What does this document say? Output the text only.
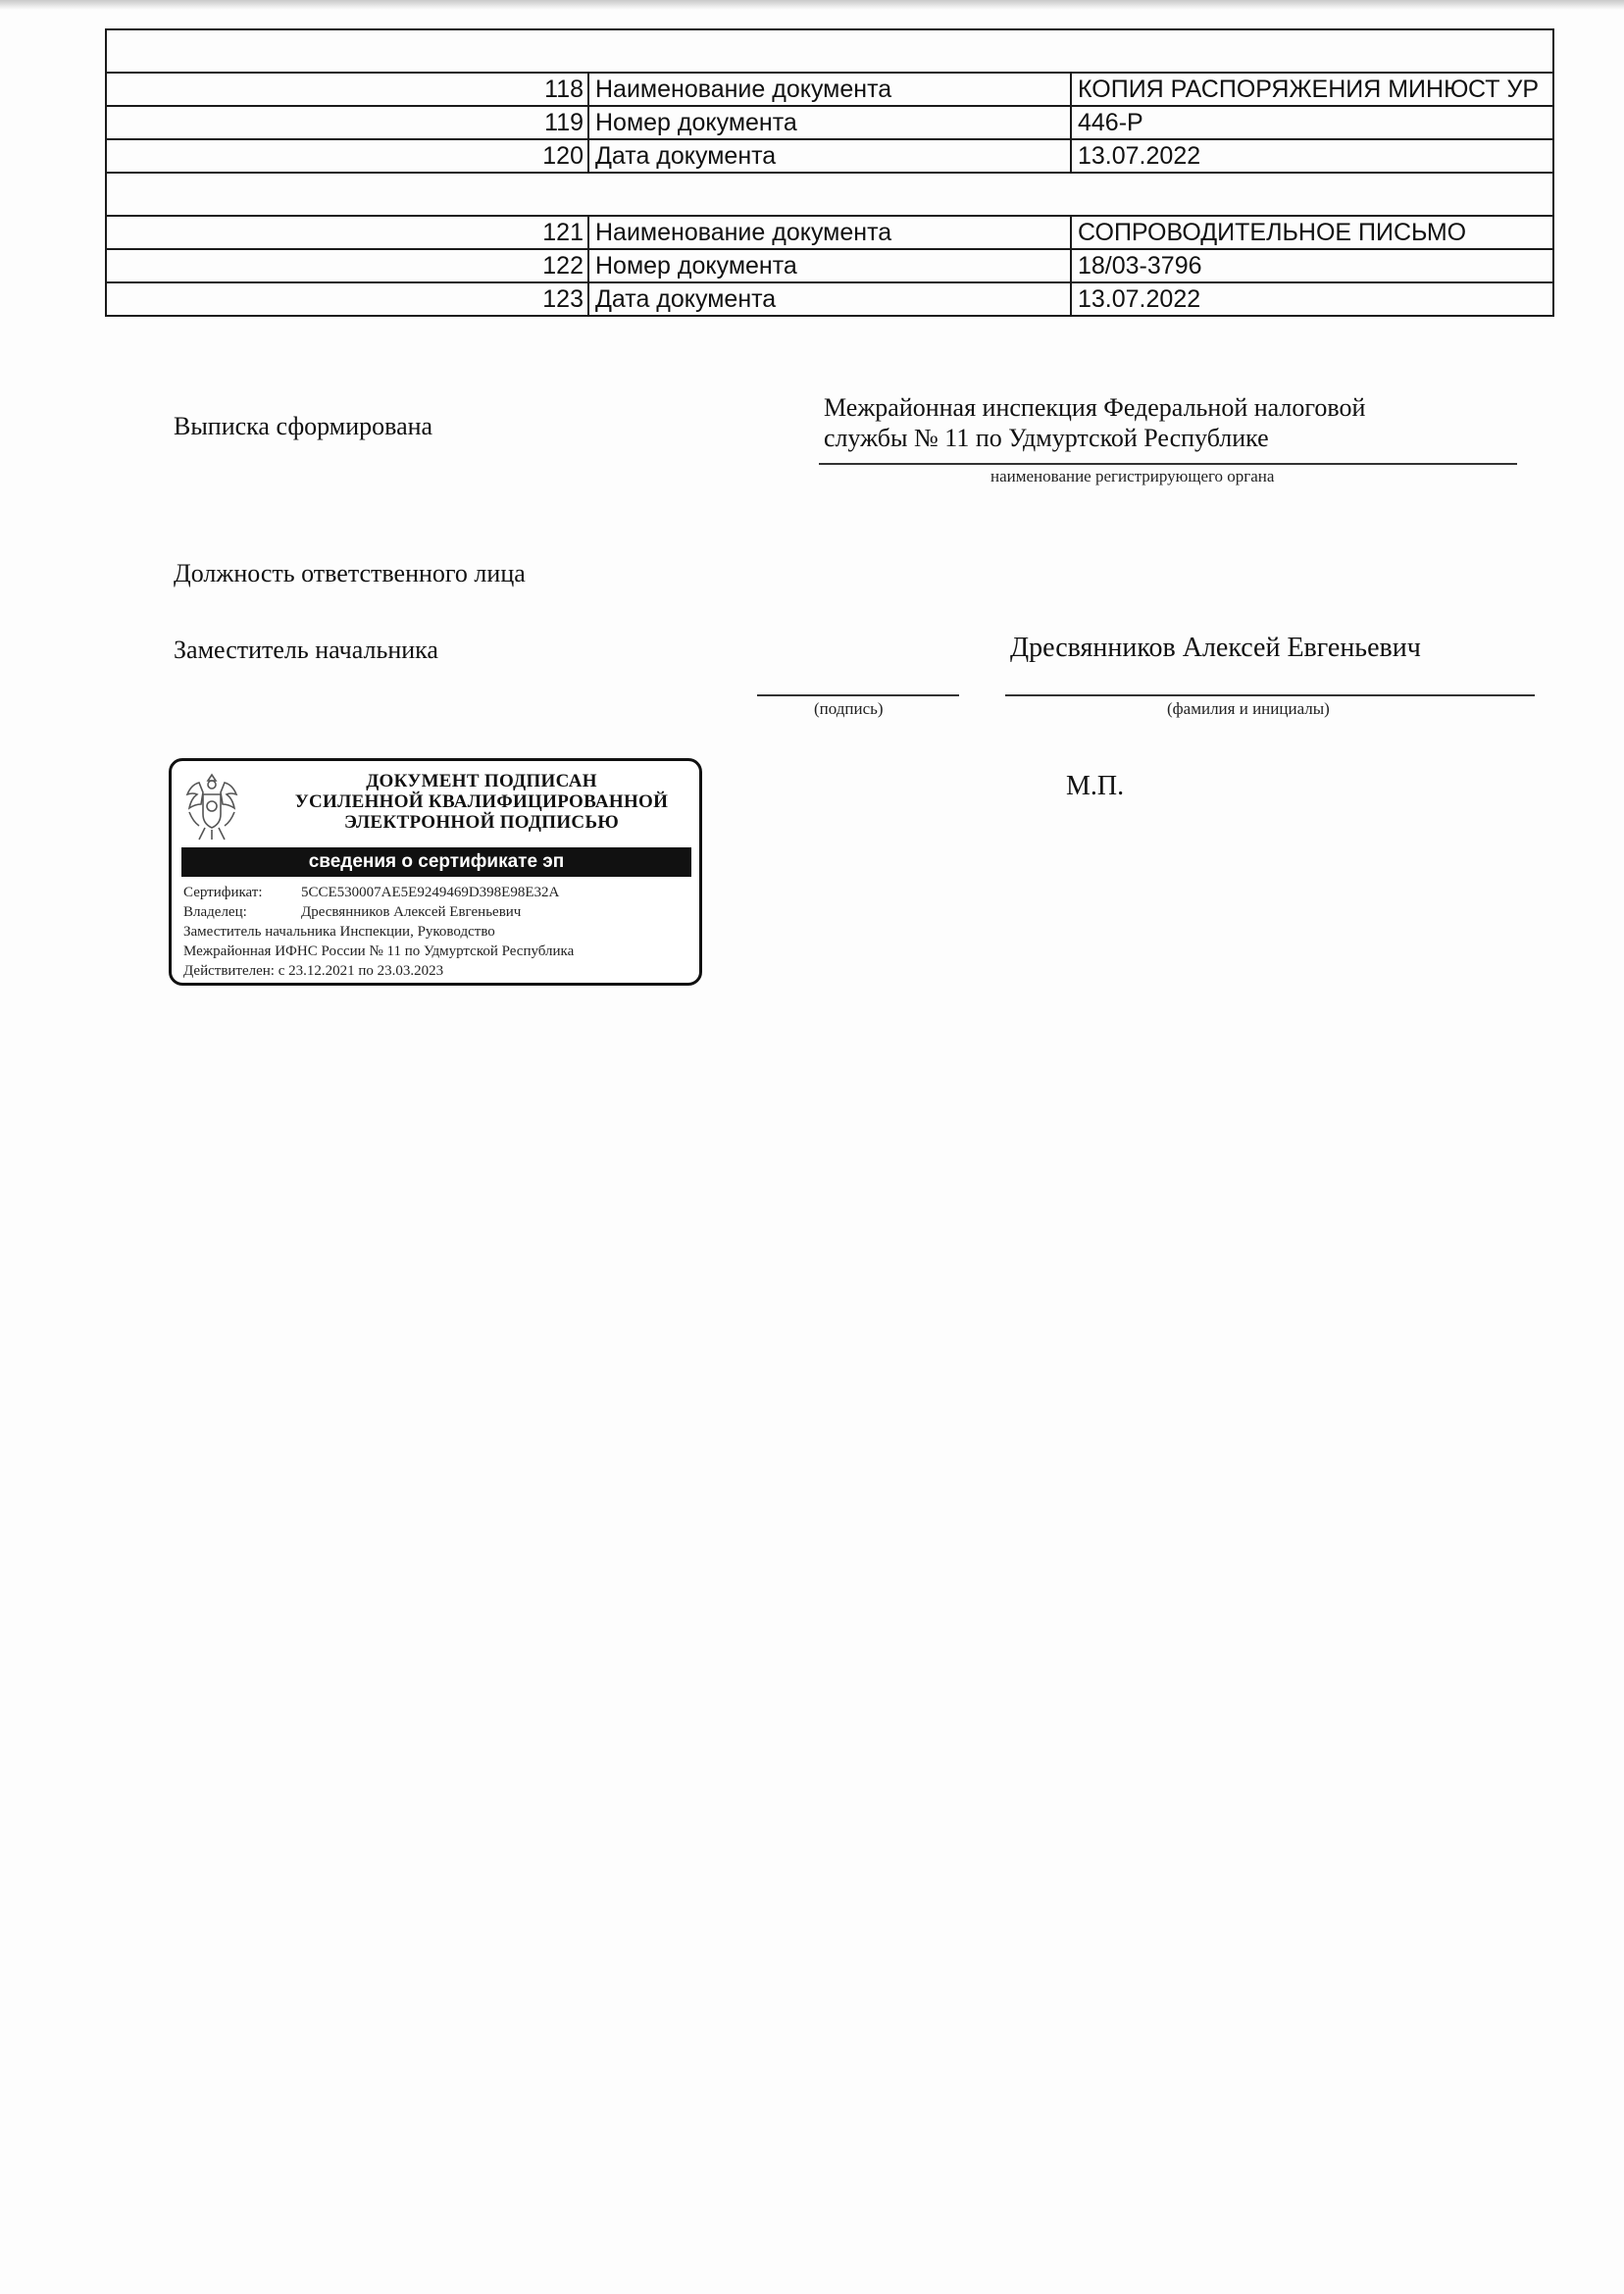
118	Наименование документа	КОПИЯ РАСПОРЯЖЕНИЯ МИНЮСТ УР
119	Номер документа	446-Р
120	Дата документа	13.07.2022

121	Наименование документа	СОПРОВОДИТЕЛЬНОЕ ПИСЬМО
122	Номер документа	18/03-3796
123	Дата документа	13.07.2022
Выписка сформирована
Межрайонная инспекция Федеральной налоговой
службы № 11 по Удмуртской Республике
наименование регистрирующего органа
Должность ответственного лица
Заместитель начальника	Дресвянников Алексей Евгеньевич
(подпись)	(фамилия и инициалы)
М.П.
ДОКУМЕНТ ПОДПИСАН
УСИЛЕННОЙ КВАЛИФИЦИРОВАННОЙ
ЭЛЕКТРОННОЙ ПОДПИСЬЮ
сведения о сертификате эп
Сертификат:	5CCE530007AE5E9249469D398E98E32A
Владелец:	Дресвянников Алексей Евгеньевич
Заместитель начальника Инспекции, Руководство
Межрайонная ИФНС России № 11 по Удмуртской Республика
Действителен: с 23.12.2021 по 23.03.2023
